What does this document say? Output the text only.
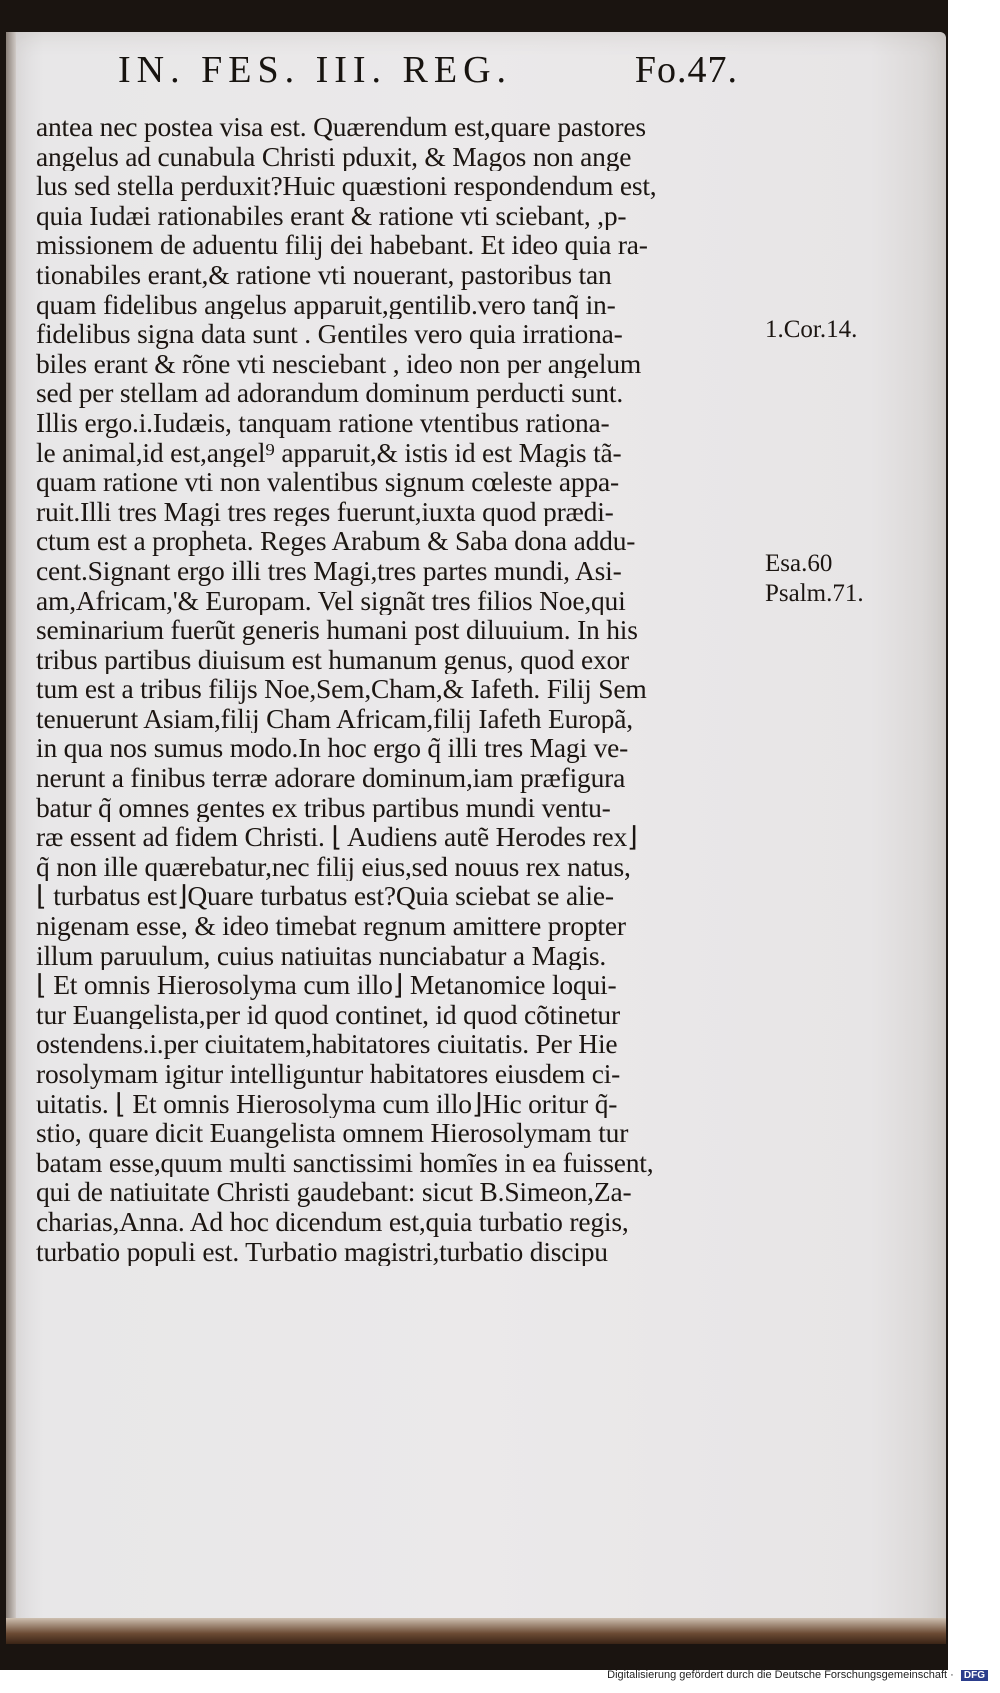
IN. FES. III. REG.	Fo.47.
antea nec postea visa est. Quærendum est,quare pastores
angelus ad cunabula Christi pduxit, & Magos non ange
lus sed stella perduxit?Huic quæstioni respondendum est,
quia Iudæi rationabiles erant & ratione vti sciebant, ,p-
missionem de aduentu filij dei habebant. Et ideo quia ra-
tionabiles erant,& ratione vti nouerant, pastoribus tan
quam fidelibus angelus apparuit,gentilib.vero tanq̃ in-
fidelibus signa data sunt . Gentiles vero quia irrationa-
biles erant & rõne vti nesciebant , ideo non per angelum
sed per stellam ad adorandum dominum perducti sunt.
Illis ergo.i.Iudæis, tanquam ratione vtentibus rationa-
le animal,id est,angel⁹ apparuit,& istis id est Magis tã-
quam ratione vti non valentibus signum cœleste appa-
ruit.Illi tres Magi tres reges fuerunt,iuxta quod prædi-
ctum est a propheta. Reges Arabum & Saba dona addu-
cent.Signant ergo illi tres Magi,tres partes mundi, Asi-
am,Africam,'& Europam. Vel signãt tres filios Noe,qui
seminarium fuerũt generis humani post diluuium. In his
tribus partibus diuisum est humanum genus, quod exor
tum est a tribus filijs Noe,Sem,Cham,& Iafeth. Filij Sem
tenuerunt Asiam,filij Cham Africam,filij Iafeth Europã,
in qua nos sumus modo.In hoc ergo q̃ illi tres Magi ve-
nerunt a finibus terræ adorare dominum,iam præfigura
batur q̃ omnes gentes ex tribus partibus mundi ventu-
ræ essent ad fidem Christi. ⌊ Audiens autẽ Herodes rex⌋
q̃ non ille quærebatur,nec filij eius,sed nouus rex natus,
⌊ turbatus est⌋Quare turbatus est?Quia sciebat se alie-
nigenam esse, & ideo timebat regnum amittere propter
illum paruulum, cuius natiuitas nunciabatur a Magis.
⌊ Et omnis Hierosolyma cum illo⌋ Metanomice loqui-
tur Euangelista,per id quod continet, id quod cõtinetur
ostendens.i.per ciuitatem,habitatores ciuitatis. Per Hie
rosolymam igitur intelliguntur habitatores eiusdem ci-
uitatis. ⌊ Et omnis Hierosolyma cum illo⌋Hic oritur q̃-
stio, quare dicit Euangelista omnem Hierosolymam tur
batam esse,quum multi sanctissimi homĩes in ea fuissent,
qui de natiuitate Christi gaudebant: sicut B.Simeon,Za-
charias,Anna. Ad hoc dicendum est,quia turbatio regis,
turbatio populi est. Turbatio magistri,turbatio discipu
1.Cor.14.
Esa.60
Psalm.71.
Digitalisierung gefördert durch die Deutsche Forschungsgemeinschaft · DFG
